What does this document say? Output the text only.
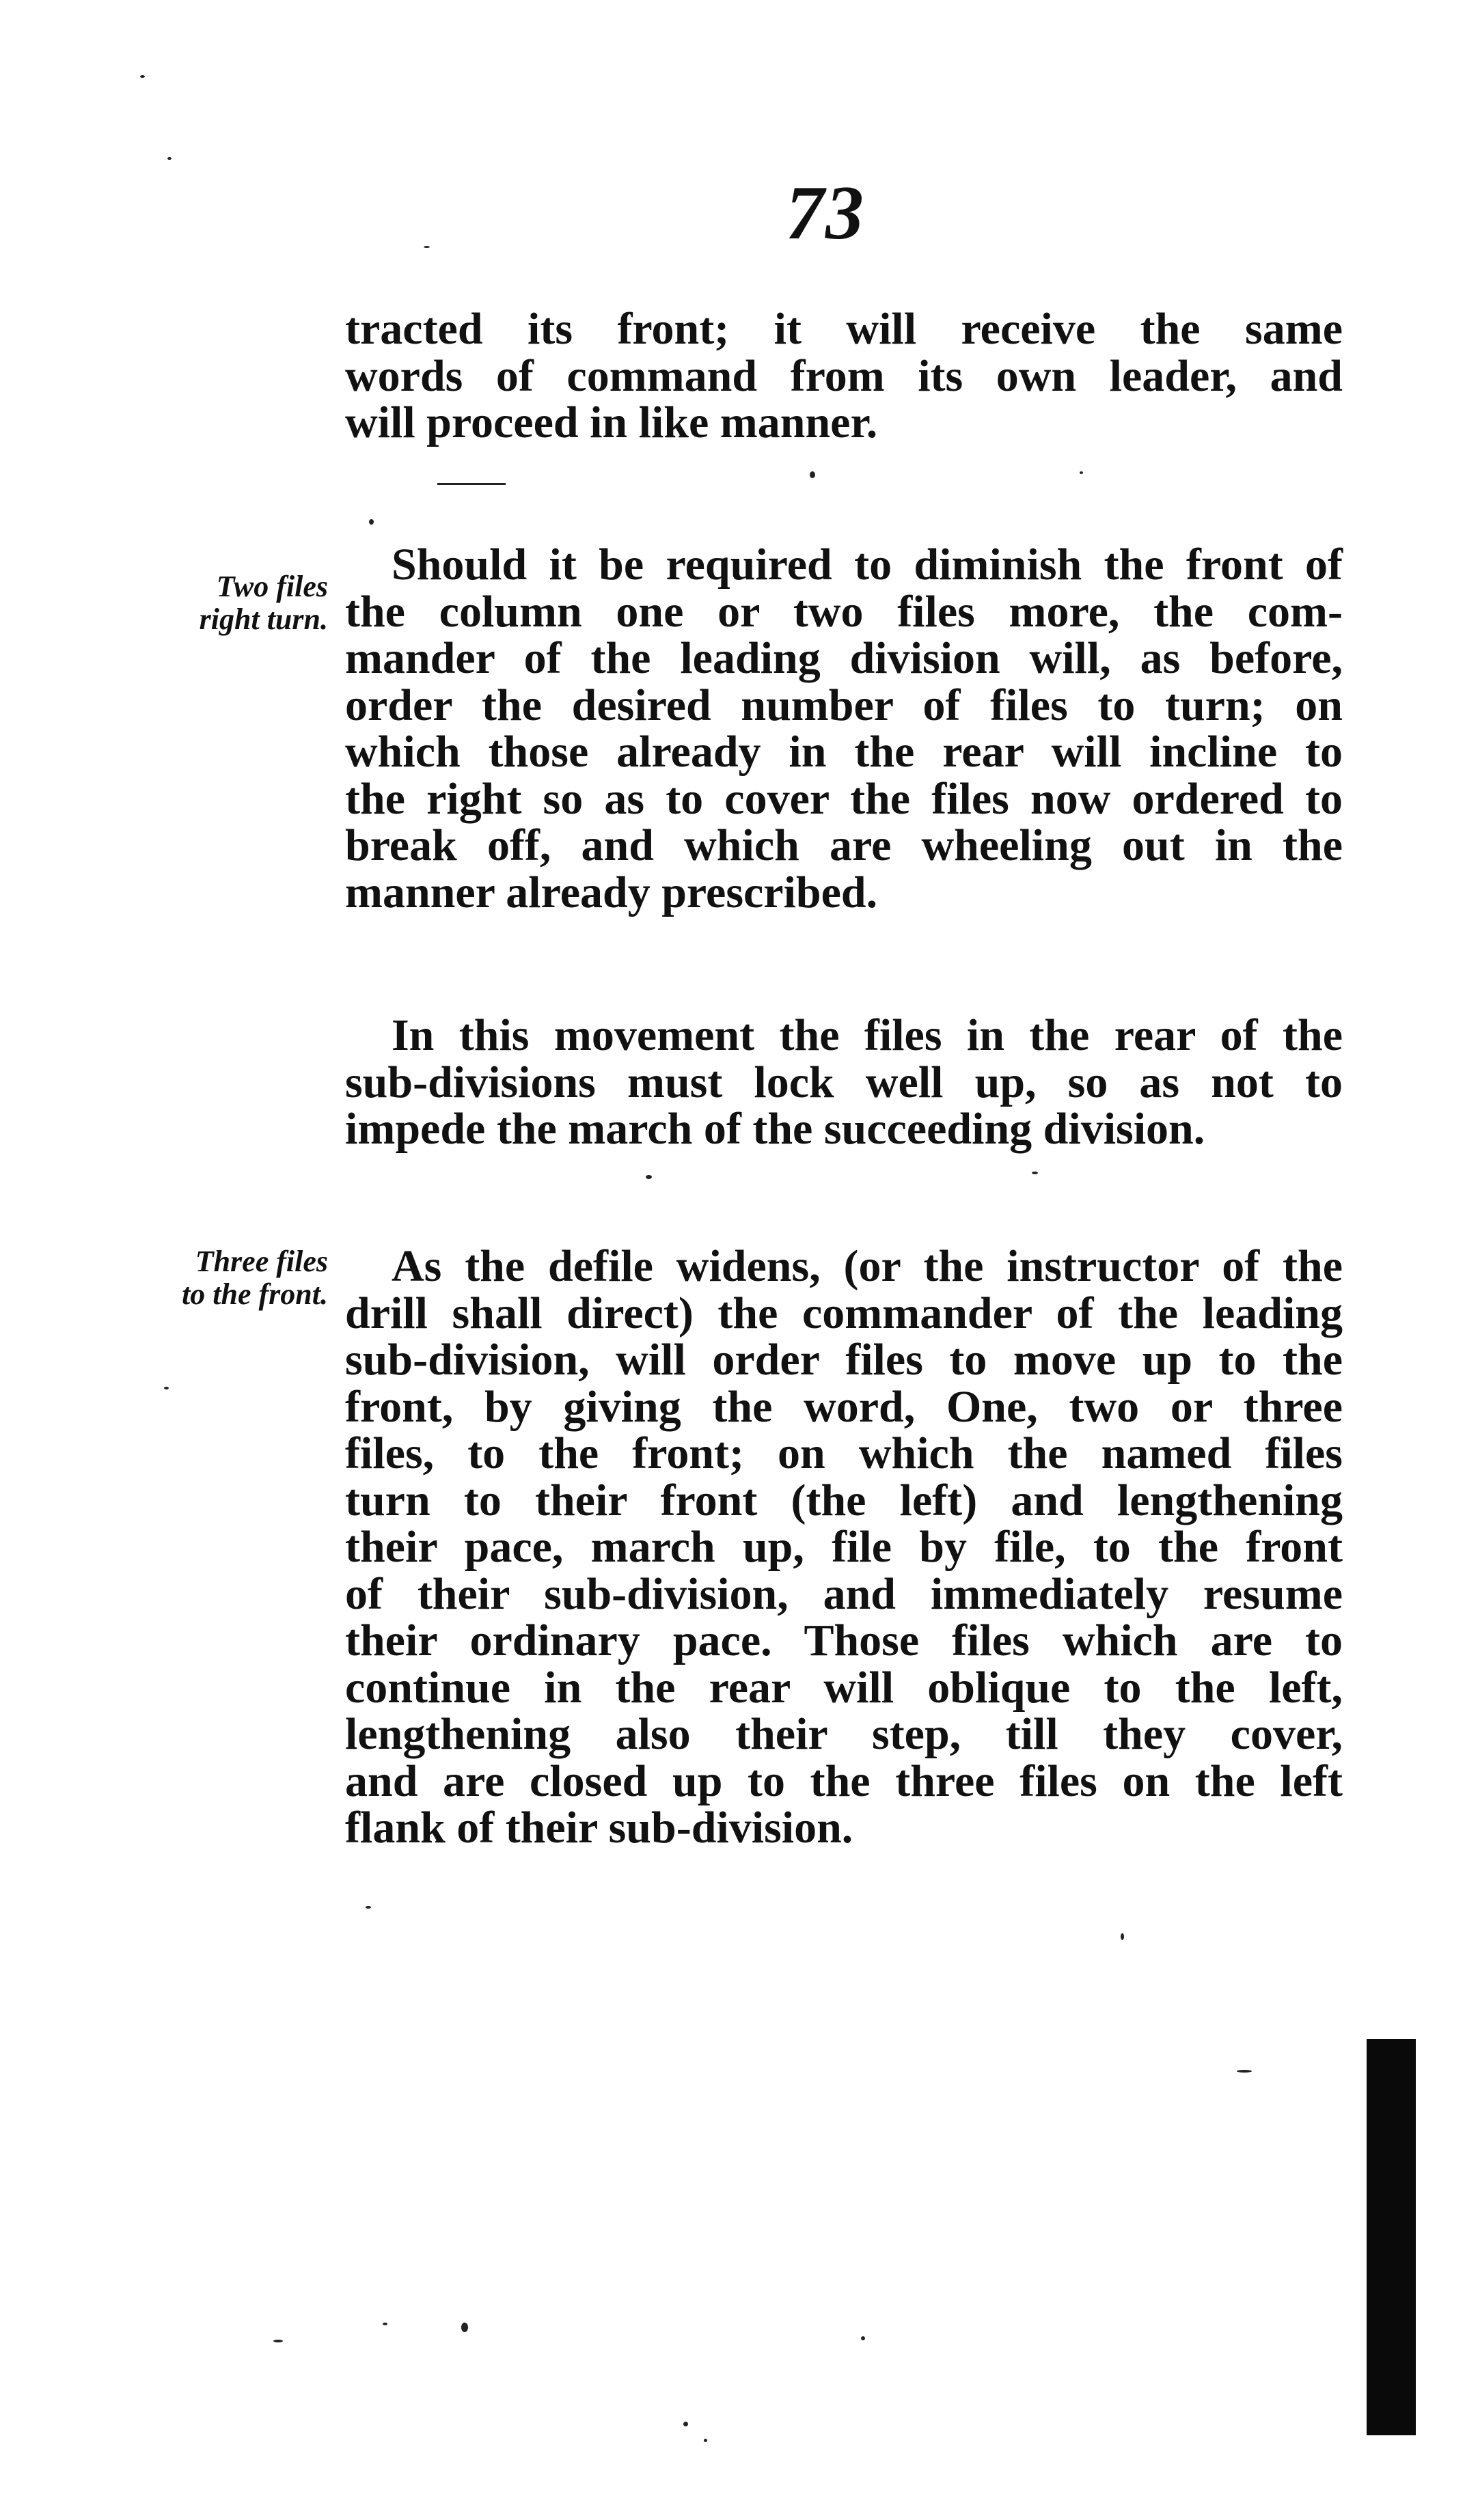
73
tracted its front; it will receive the same
words of command from its own leader, and
will proceed in like manner.
Two files
right turn.
Should it be required to diminish the front of
the column one or two files more, the com-
mander of the leading division will, as before,
order the desired number of files to turn; on
which those already in the rear will incline to
the right so as to cover the files now ordered to
break off, and which are wheeling out in the
manner already prescribed.
In this movement the files in the rear of the
sub-divisions must lock well up, so as not to
impede the march of the succeeding division.
Three files
to the front.
As the defile widens, (or the instructor of the
drill shall direct) the commander of the leading
sub-division, will order files to move up to the
front, by giving the word, One, two or three
files, to the front; on which the named files
turn to their front (the left) and lengthening
their pace, march up, file by file, to the front
of their sub-division, and immediately resume
their ordinary pace. Those files which are to
continue in the rear will oblique to the left,
lengthening also their step, till they cover,
and are closed up to the three files on the left
flank of their sub-division.
